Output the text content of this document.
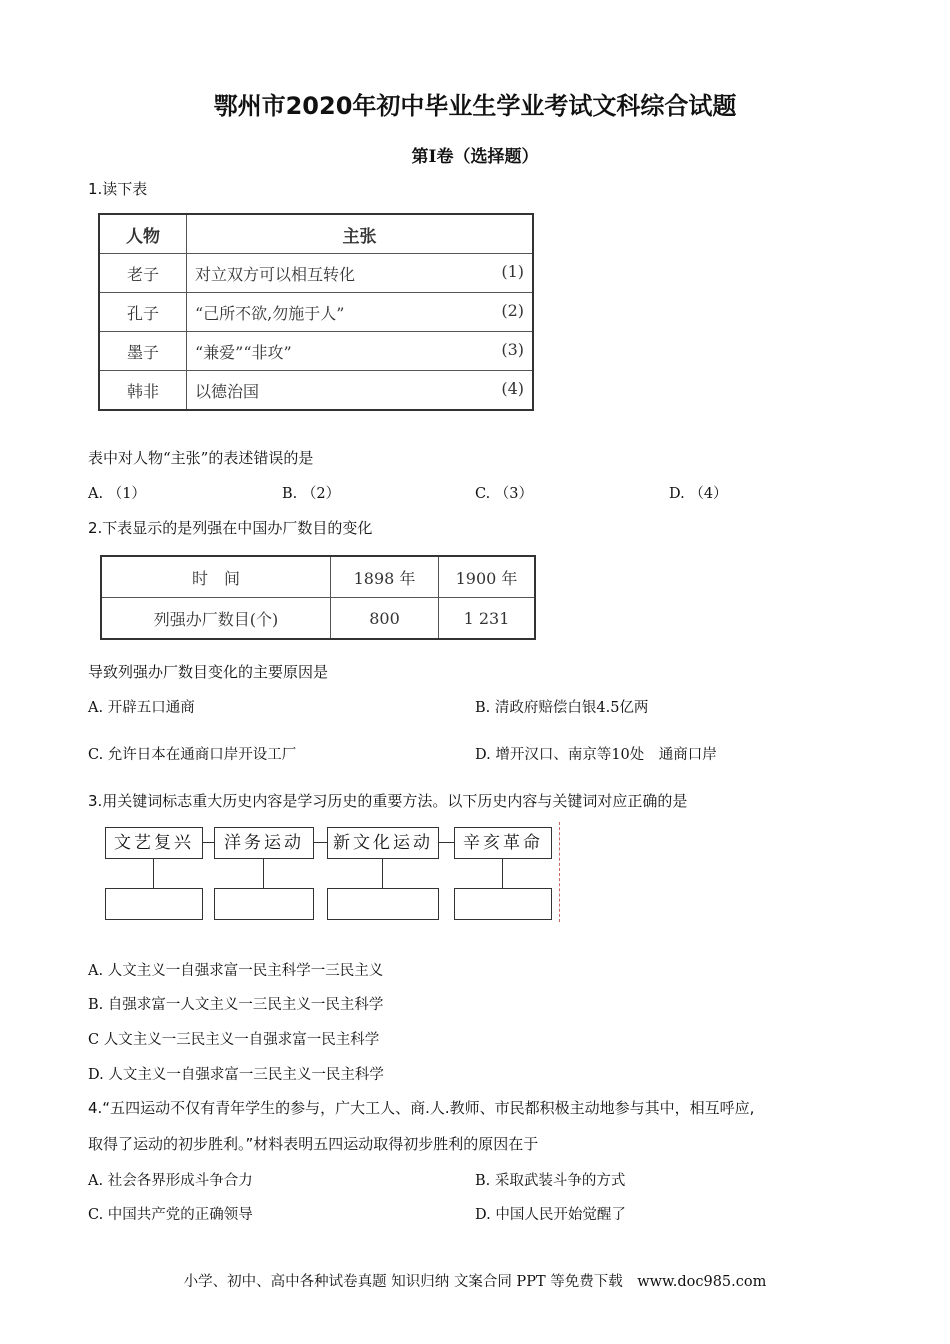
鄂州市2020年初中毕业生学业考试文科综合试题
第Ⅰ卷（选择题）
1.读下表
人物	主张
老子	对立双方可以相互转化 (1)

孔子	“己所不欲,勿施于人” (2)

墨子	“兼爱”“非攻” (3)

韩非	以德治国 (4)
表中对人物“主张”的表述错误的是
A. （1）	B. （2）	C. （3）	D. （4）
2.下表显示的是列强在中国办厂数目的变化
时　间	1898 年	1900 年
列强办厂数目(个)	800	1 231
导致列强办厂数目变化的主要原因是
A. 开辟五口通商	B. 清政府赔偿白银4.5亿两
C. 允许日本在通商口岸开设工厂	D. 增开汉口、南京等10处　通商口岸
3.用关键词标志重大历史内容是学习历史的重要方法。以下历史内容与关键词对应正确的是
文艺复兴	洋务运动	新文化运动	辛亥革命
A. 人文主义一自强求富一民主科学一三民主义
B. 自强求富一人文主义一三民主义一民主科学
C 人文主义一三民主义一自强求富一民主科学
D. 人文主义一自强求富一三民主义一民主科学
4.“五四运动不仅有青年学生的参与，广大工人、商.人.教师、市民都积极主动地参与其中，相互呼应,
取得了运动的初步胜利。”材料表明五四运动取得初步胜利的原因在于
A. 社会各界形成斗争合力	B. 采取武装斗争的方式
C. 中国共产党的正确领导	D. 中国人民开始觉醒了
小学、初中、高中各种试卷真题 知识归纳 文案合同 PPT 等免费下载　www.doc985.com
